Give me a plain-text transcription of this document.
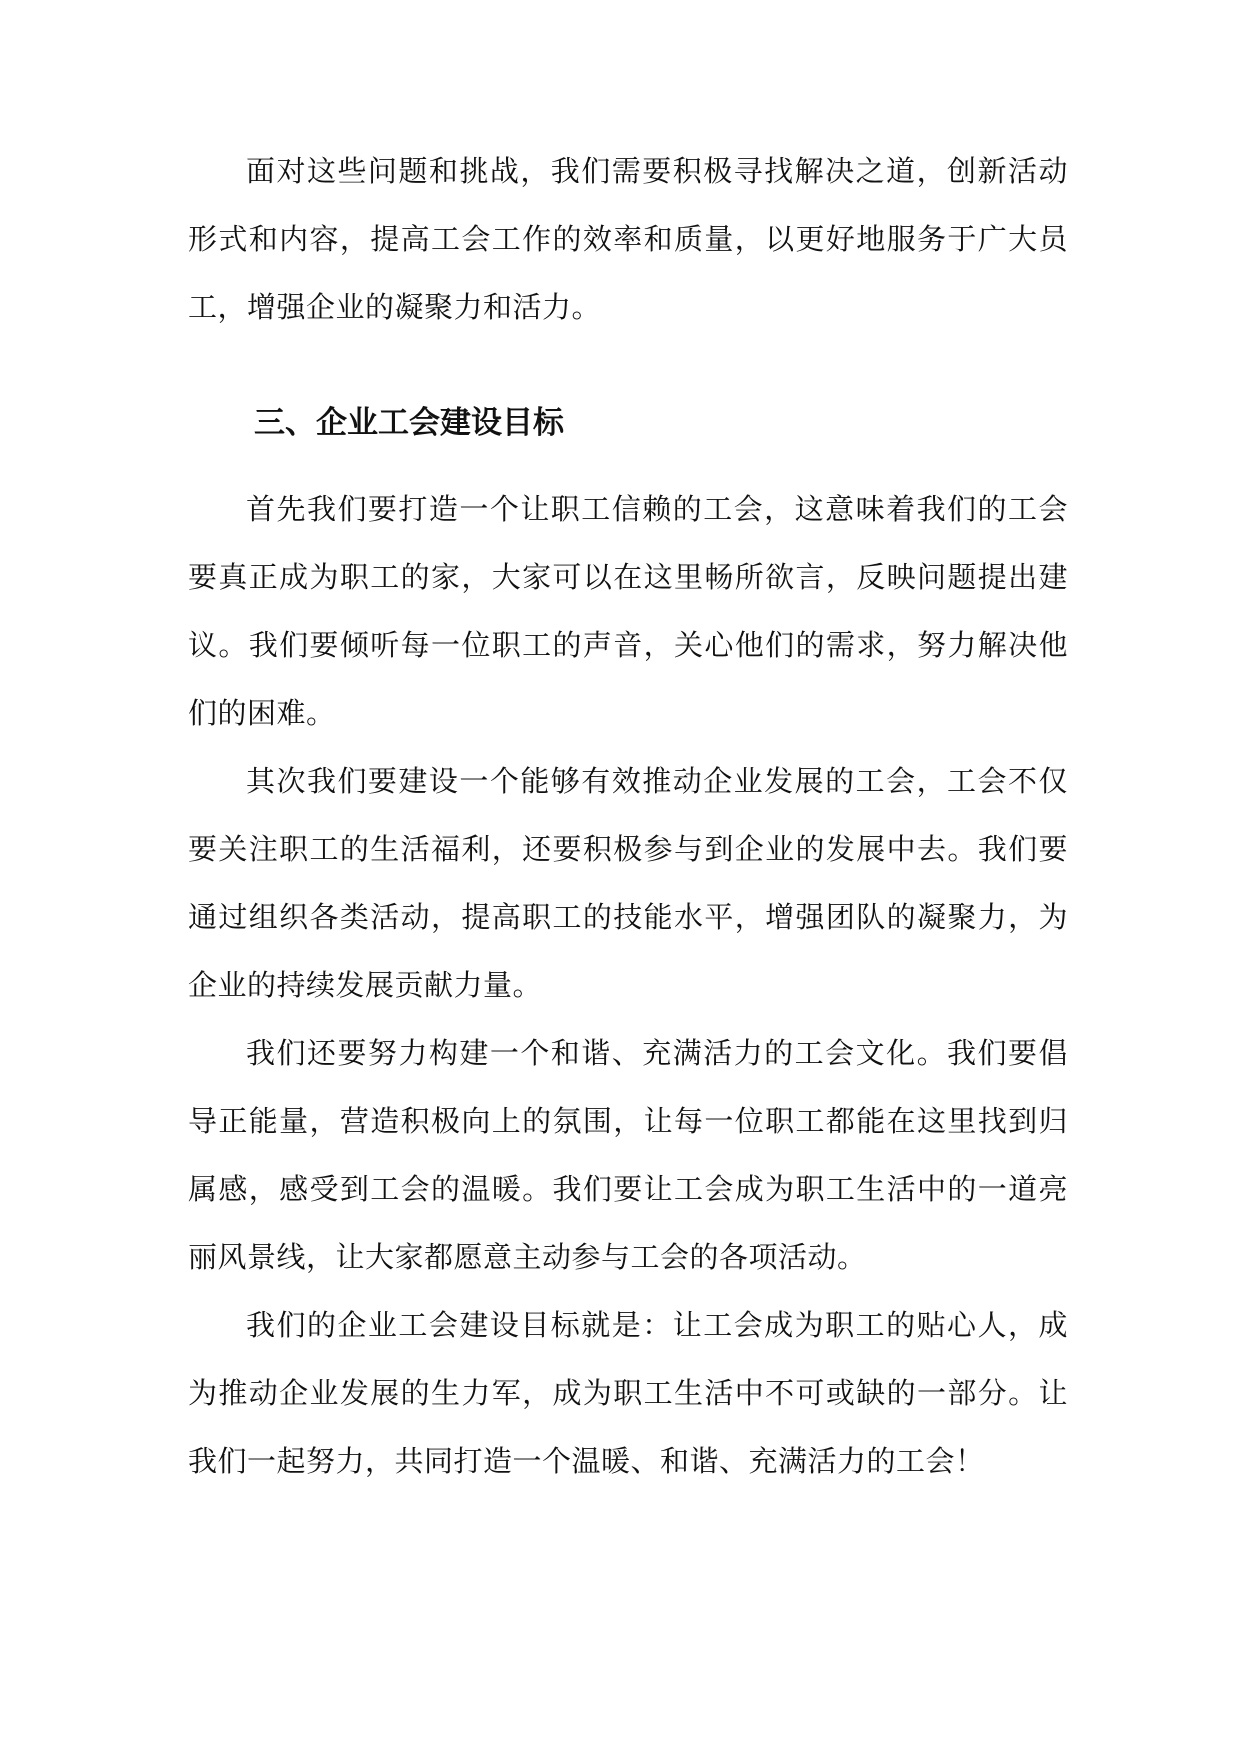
面对这些问题和挑战，我们需要积极寻找解决之道，创新活动形式和内容，提高工会工作的效率和质量，以更好地服务于广大员工，增强企业的凝聚力和活力。

三、企业工会建设目标

首先我们要打造一个让职工信赖的工会，这意味着我们的工会要真正成为职工的家，大家可以在这里畅所欲言，反映问题提出建议。我们要倾听每一位职工的声音，关心他们的需求，努力解决他们的困难。

其次我们要建设一个能够有效推动企业发展的工会，工会不仅要关注职工的生活福利，还要积极参与到企业的发展中去。我们要通过组织各类活动，提高职工的技能水平，增强团队的凝聚力，为企业的持续发展贡献力量。

我们还要努力构建一个和谐、充满活力的工会文化。我们要倡导正能量，营造积极向上的氛围，让每一位职工都能在这里找到归属感，感受到工会的温暖。我们要让工会成为职工生活中的一道亮丽风景线，让大家都愿意主动参与工会的各项活动。

我们的企业工会建设目标就是：让工会成为职工的贴心人，成为推动企业发展的生力军，成为职工生活中不可或缺的一部分。让我们一起努力，共同打造一个温暖、和谐、充满活力的工会！
